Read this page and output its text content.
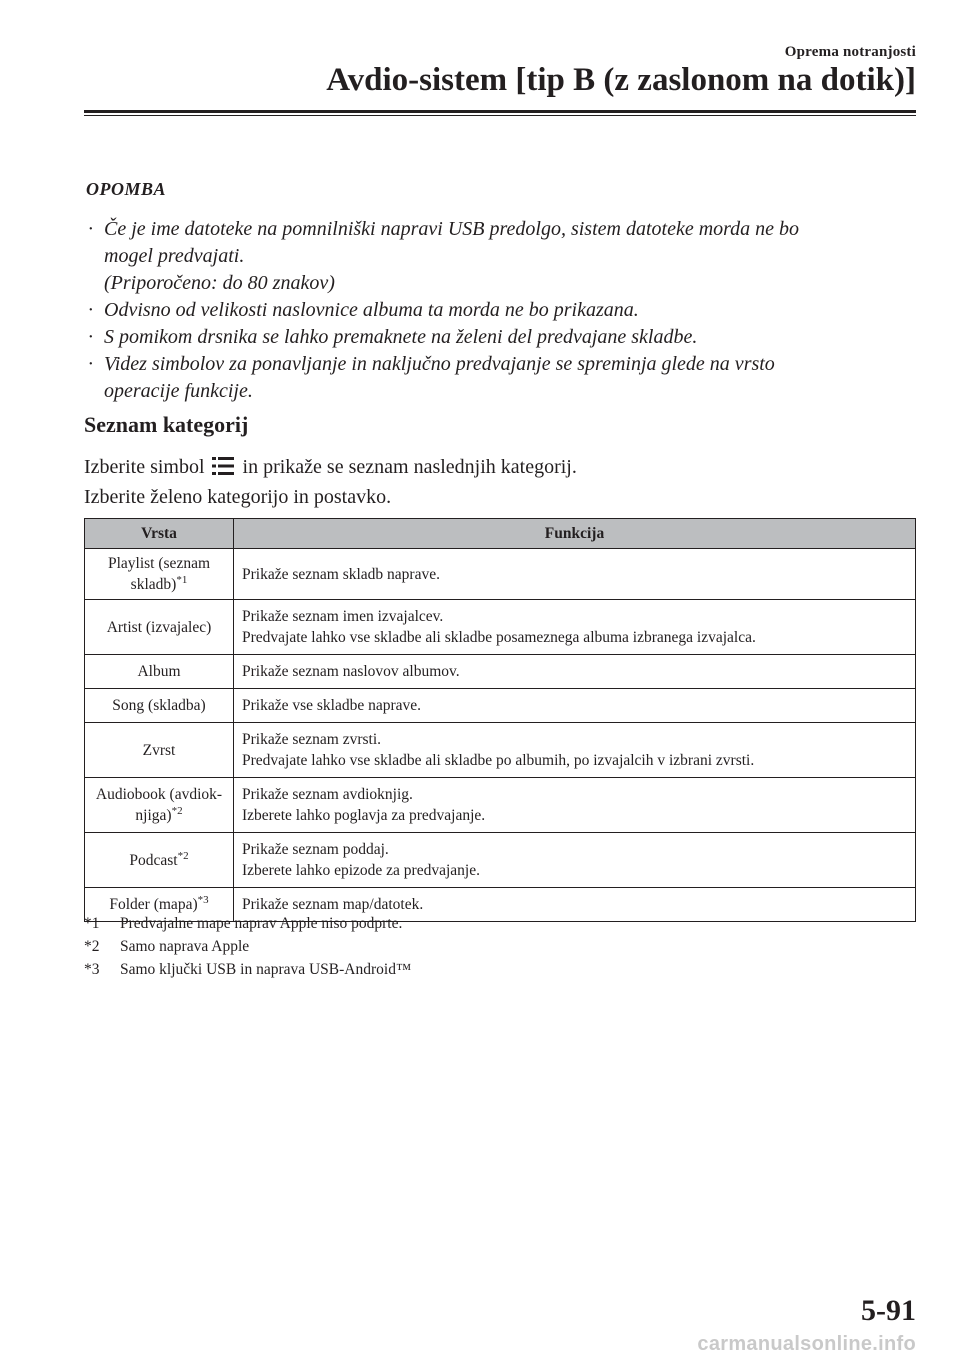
Oprema notranjosti
Avdio-sistem [tip B (z zaslonom na dotik)]
OPOMBA
· Če je ime datoteke na pomnilniški napravi USB predolgo, sistem datoteke morda ne bo
mogel predvajati.
(Priporočeno: do 80 znakov)
· Odvisno od velikosti naslovnice albuma ta morda ne bo prikazana.
· S pomikom drsnika se lahko premaknete na želeni del predvajane skladbe.
· Videz simbolov za ponavljanje in naključno predvajanje se spreminja glede na vrsto
operacije funkcije.
Seznam kategorij
Izberite simbol in prikaže se seznam naslednjih kategorij.
Izberite želeno kategorijo in postavko.
Vrsta	Funkcija
Playlist (seznam skladb)$^{*1}$	Prikaže seznam skladb naprave.

Artist (izvajalec)	Prikaže seznam imen izvajalcev.
Predvajate lahko vse skladbe ali skladbe posameznega albuma izbranega izvajalca.

Album	Prikaže seznam naslovov albumov.

Song (skladba)	Prikaže vse skladbe naprave.

Zvrst	Prikaže seznam zvrsti.
Predvajate lahko vse skladbe ali skladbe po albumih, po izvajalcih v izbrani zvrsti.

Audiobook (avdiok-njiga)$^{*2}$	Prikaže seznam avdioknjig.
Izberete lahko poglavja za predvajanje.

Podcast$^{*2}$	Prikaže seznam poddaj.
Izberete lahko epizode za predvajanje.

Folder (mapa)$^{*3}$	Prikaže seznam map/datotek.
*1	Predvajalne mape naprav Apple niso podprte.
*2	Samo naprava Apple
*3	Samo ključki USB in naprava USB-Android™
5-91
carmanualsonline.info
